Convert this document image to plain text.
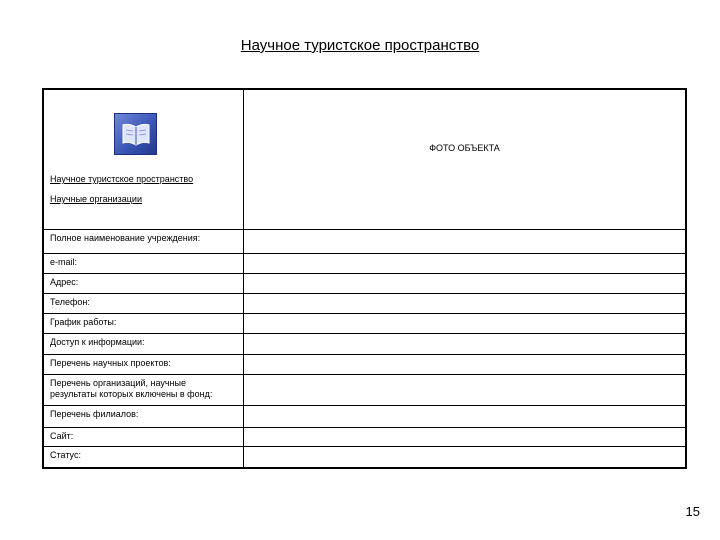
Научное туристское пространство
Научное туристское пространство
Научные организации
ФОТО ОБЪЕКТА
Полное наименование учреждения:
e-mail:
Адрес:
Телефон:
График работы:
Доступ к информации:
Перечень научных проектов:
Перечень организаций, научные
результаты которых включены в фонд:
Перечень филиалов:
Сайт:
Статус:
15
